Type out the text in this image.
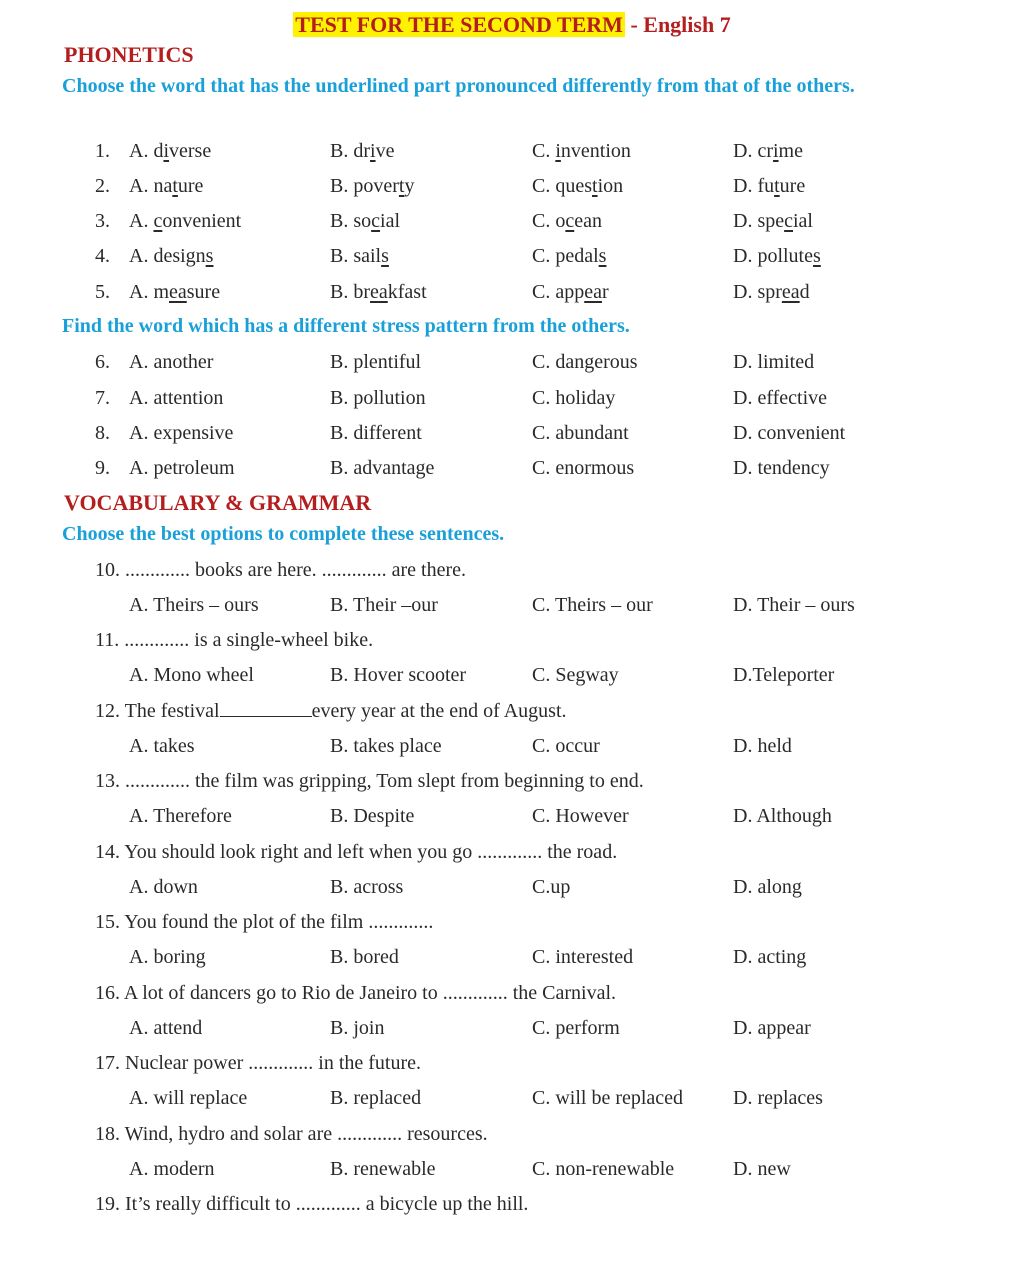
TEST FOR THE SECOND TERM - English 7
PHONETICS
Choose the word that has the underlined part pronounced differently from that of the others.
1. A. diverse	B. drive	C. invention	D. crime
2. A. nature	B. poverty	C. question	D. future
3. A. convenient	B. social	C. ocean	D. special
4. A. designs	B. sails	C. pedals	D. pollutes
5. A. measure	B. breakfast	C. appear	D. spread
Find the word which has a different stress pattern from the others.
6. A. another	B. plentiful	C. dangerous	D. limited
7. A. attention	B. pollution	C. holiday	D. effective
8. A. expensive	B. different	C. abundant	D. convenient
9. A. petroleum	B. advantage	C. enormous	D. tendency
VOCABULARY & GRAMMAR
Choose the best options to complete these sentences.
10. ............. books are here. ............. are there.
A. Theirs – ours	B. Their –our	C. Theirs – our	D. Their – ours
11. ............. is a single-wheel bike.
A. Mono wheel	B. Hover scooter	C. Segway	D.Teleporter
12. The festival	every year at the end of August.
A. takes	B. takes place	C. occur	D. held
13. ............. the film was gripping, Tom slept from beginning to end.
A. Therefore	B. Despite	C. However	D. Although
14. You should look right and left when you go ............. the road.
A. down	B. across	C.up	D. along
15. You found the plot of the film .............
A. boring	B. bored	C. interested	D. acting
16. A lot of dancers go to Rio de Janeiro to ............. the Carnival.
A. attend	B. join	C. perform	D. appear
17. Nuclear power ............. in the future.
A. will replace	B. replaced	C. will be replaced D. replaces
18. Wind, hydro and solar are ............. resources.
A. modern	B. renewable	C. non-renewable	D. new
19. It’s really difficult to ............. a bicycle up the hill.
